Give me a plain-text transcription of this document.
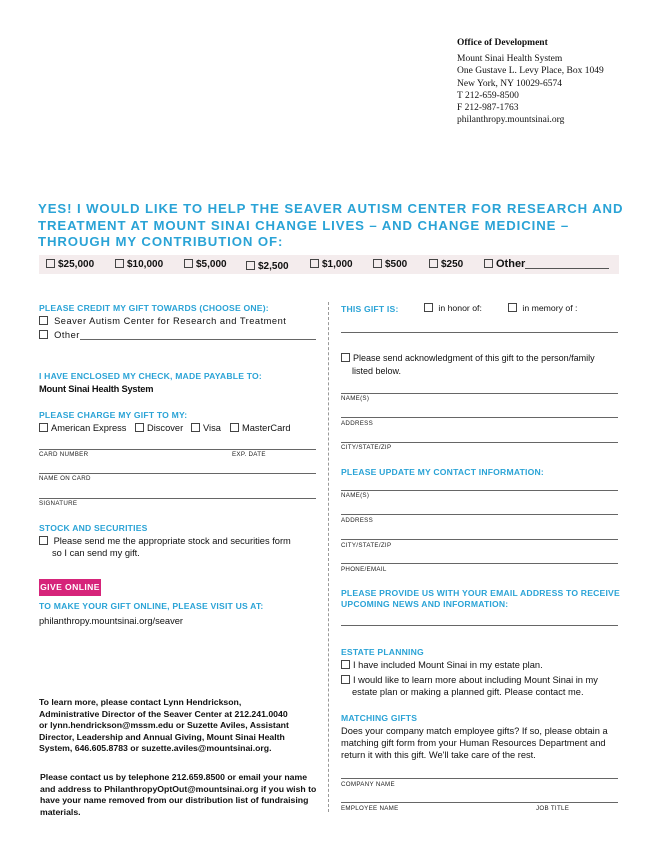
Office of Development
Mount Sinai Health System
One Gustave L. Levy Place, Box 1049
New York, NY 10029-6574
T 212-659-8500
F 212-987-1763
philanthropy.mountsinai.org
YES! I WOULD LIKE TO HELP THE SEAVER AUTISM CENTER FOR RESEARCH AND TREATMENT AT MOUNT SINAI CHANGE LIVES – AND CHANGE MEDICINE – THROUGH MY CONTRIBUTION OF:
$25,000	$10,000	$5,000	$2,500	$1,000	$500	$250	Other
PLEASE CREDIT MY GIFT TOWARDS (CHOOSE ONE):
Seaver Autism Center for Research and Treatment
Other
I HAVE ENCLOSED MY CHECK, MADE PAYABLE TO:
Mount Sinai Health System
PLEASE CHARGE MY GIFT TO MY:
American Express	Discover	Visa	MasterCard
CARD NUMBER	EXP. DATE
NAME ON CARD
SIGNATURE
STOCK AND SECURITIES
Please send me the appropriate stock and securities form
so I can send my gift.
GIVE ONLINE
TO MAKE YOUR GIFT ONLINE, PLEASE VISIT US AT:
philanthropy.mountsinai.org/seaver
To learn more, please contact Lynn Hendrickson, Administrative Director of the Seaver Center at 212.241.0040 or lynn.hendrickson@mssm.edu or Suzette Aviles, Assistant Director, Leadership and Annual Giving, Mount Sinai Health System, 646.605.8783 or suzette.aviles@mountsinai.org.
Please contact us by telephone 212.659.8500 or email your name and address to PhilanthropyOptOut@mountsinai.org if you wish to have your name removed from our distribution list of fundraising materials.
THIS GIFT IS:	in honor of:	in memory of :
Please send acknowledgment of this gift to the person/family
listed below.
NAME(S)
ADDRESS
CITY/STATE/ZIP
PLEASE UPDATE MY CONTACT INFORMATION:
NAME(S)
ADDRESS
CITY/STATE/ZIP
PHONE/EMAIL
PLEASE PROVIDE US WITH YOUR EMAIL ADDRESS TO RECEIVE
UPCOMING NEWS AND INFORMATION:
ESTATE PLANNING
I have included Mount Sinai in my estate plan.
I would like to learn more about including Mount Sinai in my
estate plan or making a planned gift. Please contact me.
MATCHING GIFTS
Does your company match employee gifts? If so, please obtain a matching gift form from your Human Resources Department and return it with this gift. We'll take care of the rest.
COMPANY NAME
EMPLOYEE NAME	JOB TITLE
